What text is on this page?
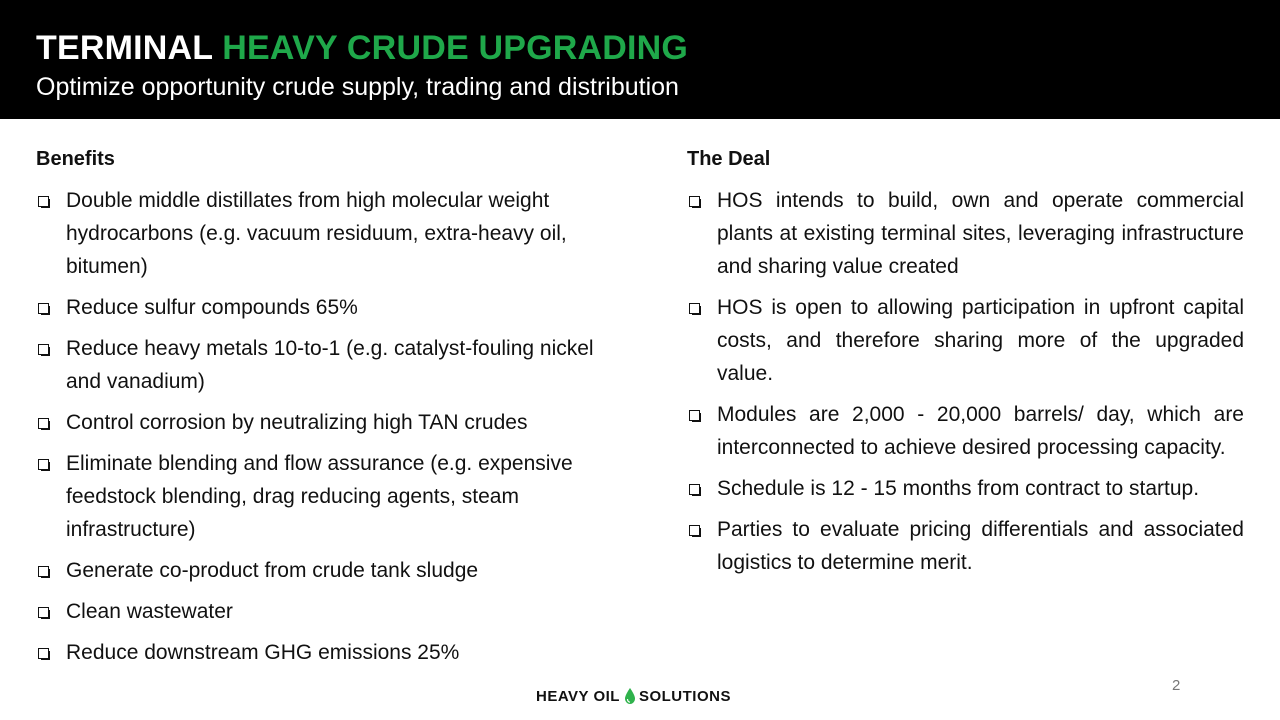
TERMINAL HEAVY CRUDE UPGRADING
Optimize opportunity crude supply, trading and distribution
Benefits
Double middle distillates from high molecular weight hydrocarbons (e.g. vacuum residuum, extra-heavy oil, bitumen)
Reduce sulfur compounds 65%
Reduce heavy metals 10-to-1 (e.g. catalyst-fouling nickel and vanadium)
Control corrosion by neutralizing high TAN crudes
Eliminate blending and flow assurance (e.g. expensive feedstock blending, drag reducing agents, steam infrastructure)
Generate co-product from crude tank sludge
Clean wastewater
Reduce downstream GHG emissions 25%
The Deal
HOS intends to build, own and operate commercial plants at existing terminal sites, leveraging infrastructure and sharing value created
HOS is open to allowing participation in upfront capital costs, and therefore sharing more of the upgraded value.
Modules are 2,000 - 20,000 barrels/ day, which are interconnected to achieve desired processing capacity.
Schedule is 12 - 15 months from contract to startup.
Parties to evaluate pricing differentials and associated logistics to determine merit.
HEAVY OIL SOLUTIONS
2
